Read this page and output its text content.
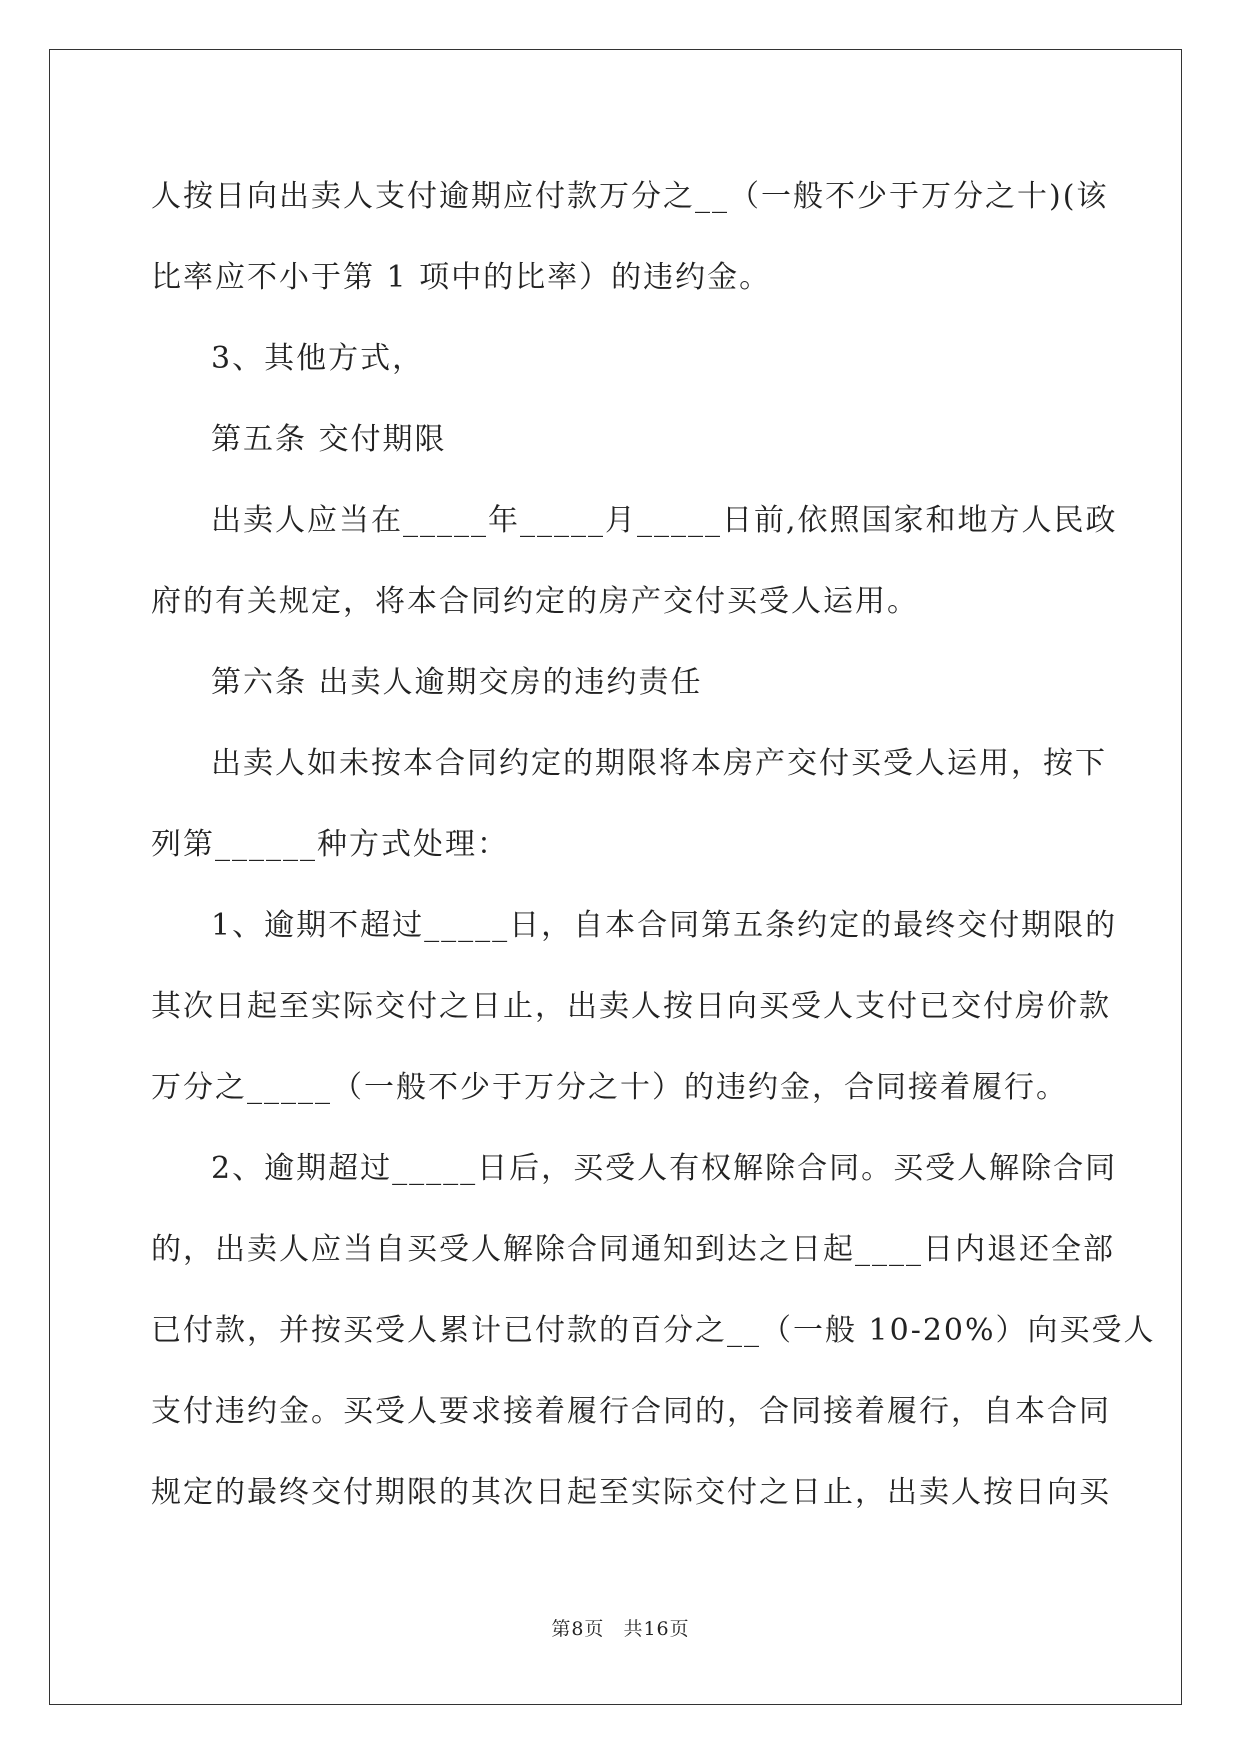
人按日向出卖人支付逾期应付款万分之__（一般不少于万分之十)(该

比率应不小于第 1 项中的比率）的违约金。

3、其他方式，

第五条 交付期限

出卖人应当在_____年_____月_____日前,依照国家和地方人民政

府的有关规定，将本合同约定的房产交付买受人运用。

第六条 出卖人逾期交房的违约责任

出卖人如未按本合同约定的期限将本房产交付买受人运用，按下

列第______种方式处理：

1、逾期不超过_____日，自本合同第五条约定的最终交付期限的

其次日起至实际交付之日止，出卖人按日向买受人支付已交付房价款

万分之_____（一般不少于万分之十）的违约金，合同接着履行。

2、逾期超过_____日后，买受人有权解除合同。买受人解除合同

的，出卖人应当自买受人解除合同通知到达之日起____日内退还全部

已付款，并按买受人累计已付款的百分之__（一般 10-20%）向买受人

支付违约金。买受人要求接着履行合同的，合同接着履行，自本合同

规定的最终交付期限的其次日起至实际交付之日止，出卖人按日向买

第8页 共16页
